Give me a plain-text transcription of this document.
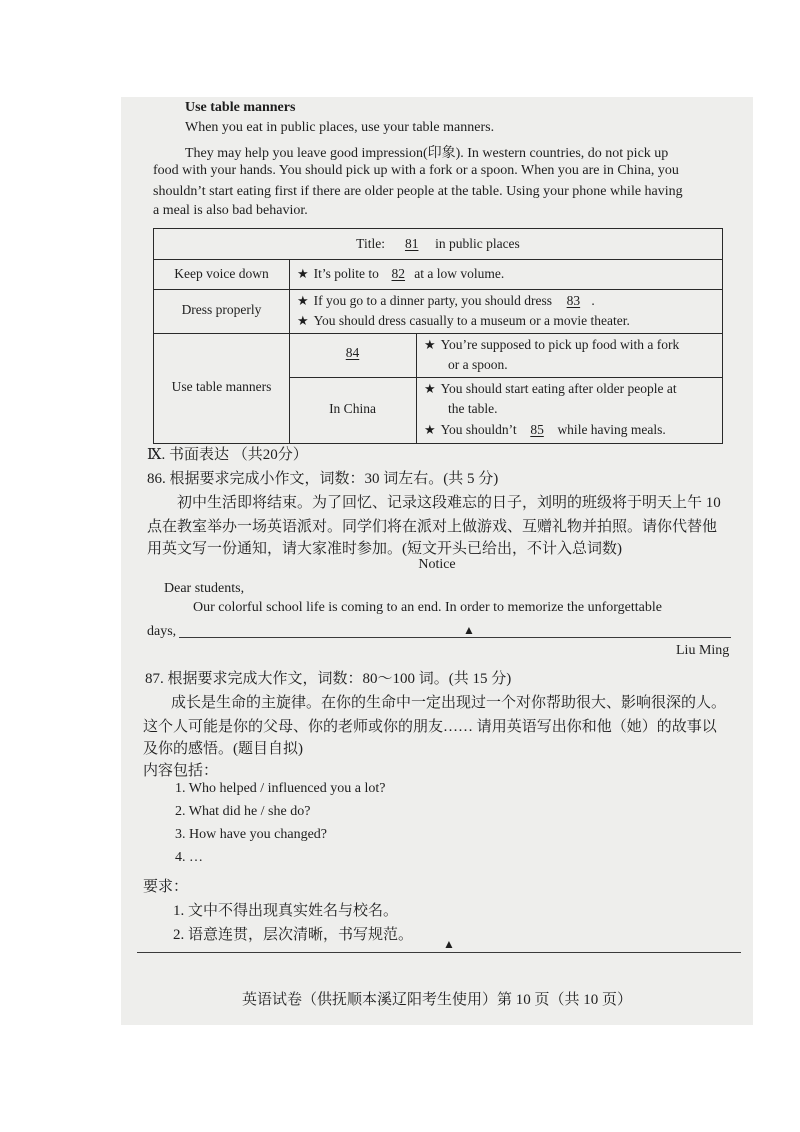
Use table manners
When you eat in public places, use your table manners.
They may help you leave good impression(印象). In western countries, do not pick up
food with your hands. You should pick up with a fork or a spoon. When you are in China, you
shouldn’t start eating first if there are older people at the table. Using your phone while having
a meal is also bad behavior.
Title: 81 in public places
Keep voice down	★ It’s polite to 82 at a low volume.
Dress properly
★ If you go to a dinner party, you should dress 83 .
★ You should dress casually to a museum or a movie theater.
Use table manners
84
★ You’re supposed to pick up food with a fork
or a spoon.
In China
★ You should start eating after older people at
the table.
★ You shouldn’t 85 while having meals.
Ⅸ. 书面表达 （共20分）
86. 根据要求完成小作文，词数：30 词左右。(共 5 分)
初中生活即将结束。为了回忆、记录这段难忘的日子，刘明的班级将于明天上午 10
点在教室举办一场英语派对。同学们将在派对上做游戏、互赠礼物并拍照。请你代替他
用英文写一份通知，请大家准时参加。(短文开头已给出，不计入总词数)
Notice
Dear students,
Our colorful school life is coming to an end. In order to memorize the unforgettable
days,	▲
Liu Ming
87. 根据要求完成大作文，词数：80～100 词。(共 15 分)
成长是生命的主旋律。在你的生命中一定出现过一个对你帮助很大、影响很深的人。
这个人可能是你的父母、你的老师或你的朋友…… 请用英语写出你和他（她）的故事以
及你的感悟。(题目自拟)
内容包括：
1. Who helped / influenced you a lot?
2. What did he / she do?
3. How have you changed?
4. …
要求：
1. 文中不得出现真实姓名与校名。
2. 语意连贯，层次清晰，书写规范。
▲
英语试卷（供抚顺本溪辽阳考生使用）第 10 页（共 10 页）
